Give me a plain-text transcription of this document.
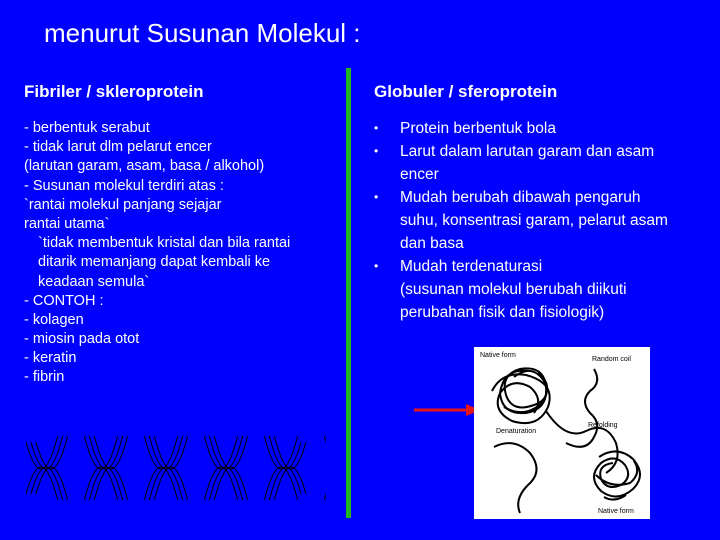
menurut Susunan Molekul :
Fibriler / skleroprotein	Globuler / sferoprotein
- berbentuk serabut
- tidak larut dlm pelarut encer
(larutan garam, asam, basa / alkohol)
- Susunan molekul terdiri atas :
`rantai molekul panjang sejajar
rantai utama`
`tidak membentuk kristal dan bila rantai ditarik memanjang dapat kembali ke keadaan semula`
- CONTOH :
- kolagen
- miosin pada otot
- keratin
- fibrin
• Protein berbentuk bola
• Larut dalam larutan garam dan asam encer
• Mudah berubah dibawah pengaruh suhu, konsentrasi garam, pelarut asam dan basa
• Mudah terdenaturasi
(susunan molekul berubah diikuti perubahan fisik dan fisiologik)
Native form
Random coil
Denaturation
Refolding
Native form
